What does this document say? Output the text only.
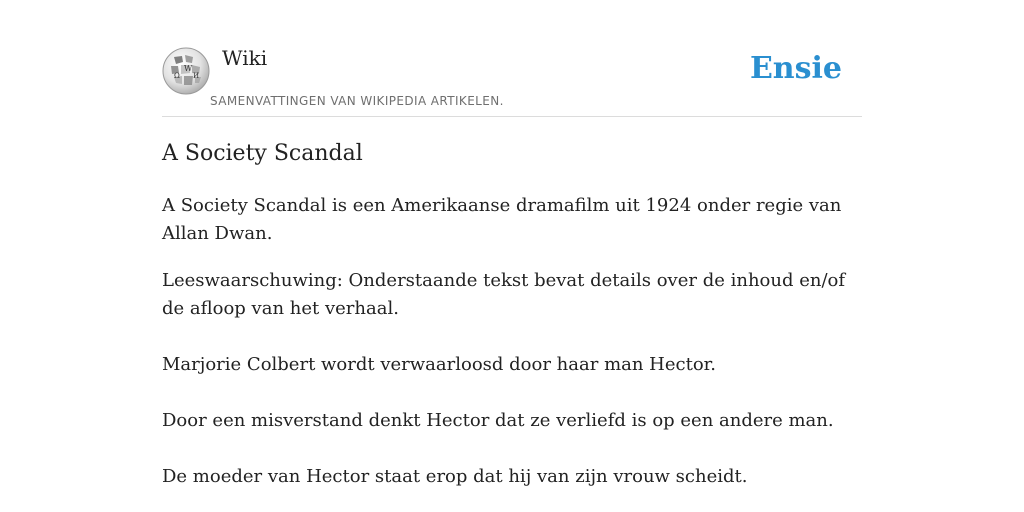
W
Ω И
Wiki
SAMENVATTINGEN VAN WIKIPEDIA ARTIKELEN.
Ensie
A Society Scandal

A Society Scandal is een Amerikaanse dramafilm uit 1924 onder regie van Allan Dwan.

Leeswaarschuwing: Onderstaande tekst bevat details over de inhoud en/of de afloop van het verhaal.

Marjorie Colbert wordt verwaarloosd door haar man Hector.

Door een misverstand denkt Hector dat ze verliefd is op een andere man.

De moeder van Hector staat erop dat hij van zijn vrouw scheidt.
